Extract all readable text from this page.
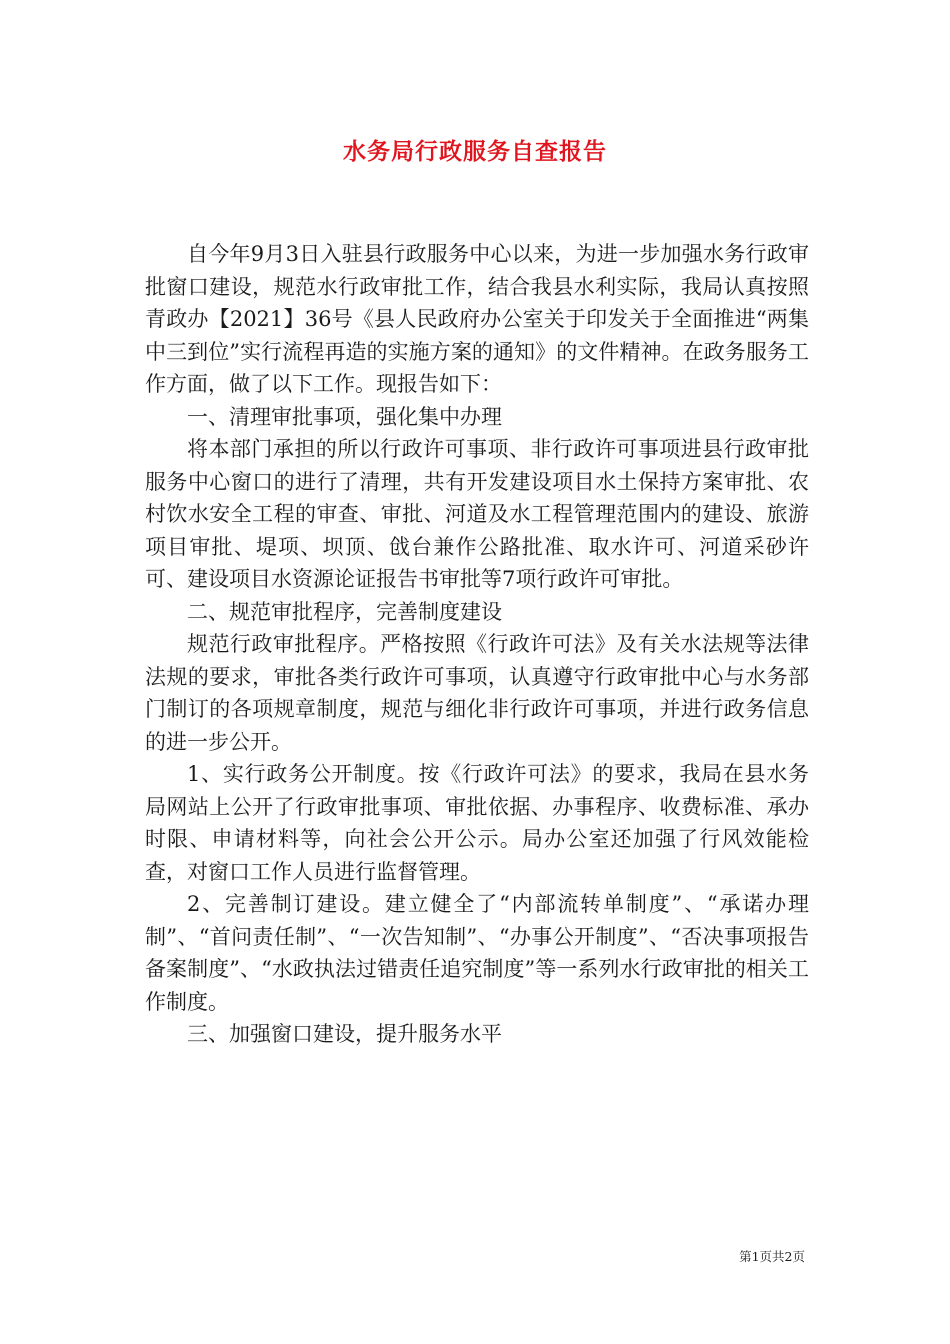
水务局行政服务自查报告

自今年9月3日入驻县行政服务中心以来，为进一步加强水务行政审批窗口建设，规范水行政审批工作，结合我县水利实际，我局认真按照青政办【2021】36号《县人民政府办公室关于印发关于全面推进“两集中三到位”实行流程再造的实施方案的通知》的文件精神。在政务服务工作方面，做了以下工作。现报告如下：

一、清理审批事项，强化集中办理

将本部门承担的所以行政许可事项、非行政许可事项进县行政审批服务中心窗口的进行了清理，共有开发建设项目水土保持方案审批、农村饮水安全工程的审查、审批、河道及水工程管理范围内的建设、旅游项目审批、堤项、坝顶、戗台兼作公路批准、取水许可、河道采砂许可、建设项目水资源论证报告书审批等7项行政许可审批。

二、规范审批程序，完善制度建设

规范行政审批程序。严格按照《行政许可法》及有关水法规等法律法规的要求，审批各类行政许可事项，认真遵守行政审批中心与水务部门制订的各项规章制度，规范与细化非行政许可事项，并进行政务信息的进一步公开。

1、实行政务公开制度。按《行政许可法》的要求，我局在县水务局网站上公开了行政审批事项、审批依据、办事程序、收费标准、承办时限、申请材料等，向社会公开公示。局办公室还加强了行风效能检查，对窗口工作人员进行监督管理。

2、完善制订建设。建立健全了“内部流转单制度”、“承诺办理制”、“首问责任制”、“一次告知制”、“办事公开制度”、“否决事项报告备案制度”、“水政执法过错责任追究制度”等一系列水行政审批的相关工作制度。

三、加强窗口建设，提升服务水平

第1页共2页
